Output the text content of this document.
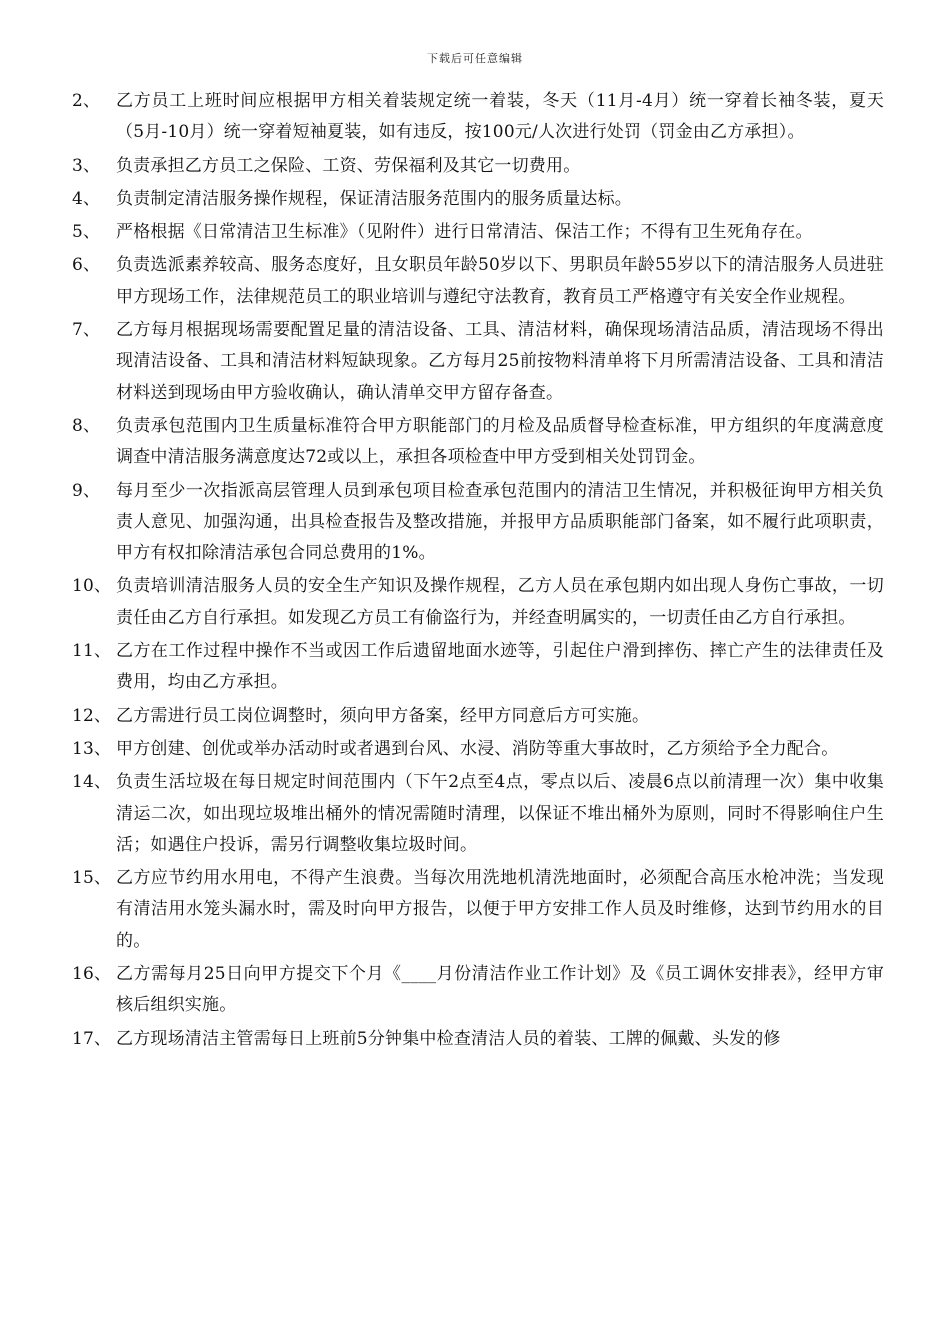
下载后可任意编辑
2、 乙方员工上班时间应根据甲方相关着装规定统一着装，冬天（11月-4月）统一穿着长袖冬装，夏天（5月-10月）统一穿着短袖夏装，如有违反，按100元/人次进行处罚（罚金由乙方承担）。
3、 负责承担乙方员工之保险、工资、劳保福利及其它一切费用。
4、 负责制定清洁服务操作规程，保证清洁服务范围内的服务质量达标。
5、 严格根据《日常清洁卫生标准》（见附件）进行日常清洁、保洁工作；不得有卫生死角存在。
6、 负责选派素养较高、服务态度好，且女职员年龄50岁以下、男职员年龄55岁以下的清洁服务人员进驻甲方现场工作，法律规范员工的职业培训与遵纪守法教育，教育员工严格遵守有关安全作业规程。
7、 乙方每月根据现场需要配置足量的清洁设备、工具、清洁材料，确保现场清洁品质，清洁现场不得出现清洁设备、工具和清洁材料短缺现象。乙方每月25前按物料清单将下月所需清洁设备、工具和清洁材料送到现场由甲方验收确认，确认清单交甲方留存备查。
8、 负责承包范围内卫生质量标准符合甲方职能部门的月检及品质督导检查标准，甲方组织的年度满意度调查中清洁服务满意度达72或以上，承担各项检查中甲方受到相关处罚罚金。
9、 每月至少一次指派高层管理人员到承包项目检查承包范围内的清洁卫生情况，并积极征询甲方相关负责人意见、加强沟通，出具检查报告及整改措施，并报甲方品质职能部门备案，如不履行此项职责，甲方有权扣除清洁承包合同总费用的1%。
10、 负责培训清洁服务人员的安全生产知识及操作规程，乙方人员在承包期内如出现人身伤亡事故，一切责任由乙方自行承担。如发现乙方员工有偷盗行为，并经查明属实的，一切责任由乙方自行承担。
11、 乙方在工作过程中操作不当或因工作后遗留地面水迹等，引起住户滑到摔伤、摔亡产生的法律责任及费用，均由乙方承担。
12、 乙方需进行员工岗位调整时，须向甲方备案，经甲方同意后方可实施。
13、 甲方创建、创优或举办活动时或者遇到台风、水浸、消防等重大事故时，乙方须给予全力配合。
14、 负责生活垃圾在每日规定时间范围内（下午2点至4点，零点以后、凌晨6点以前清理一次）集中收集清运二次，如出现垃圾堆出桶外的情况需随时清理，以保证不堆出桶外为原则，同时不得影响住户生活；如遇住户投诉，需另行调整收集垃圾时间。
15、 乙方应节约用水用电，不得产生浪费。当每次用洗地机清洗地面时，必须配合高压水枪冲洗；当发现有清洁用水笼头漏水时，需及时向甲方报告，以便于甲方安排工作人员及时维修，达到节约用水的目的。
16、 乙方需每月25日向甲方提交下个月《____月份清洁作业工作计划》及《员工调休安排表》，经甲方审核后组织实施。
17、 乙方现场清洁主管需每日上班前5分钟集中检查清洁人员的着装、工牌的佩戴、头发的修
